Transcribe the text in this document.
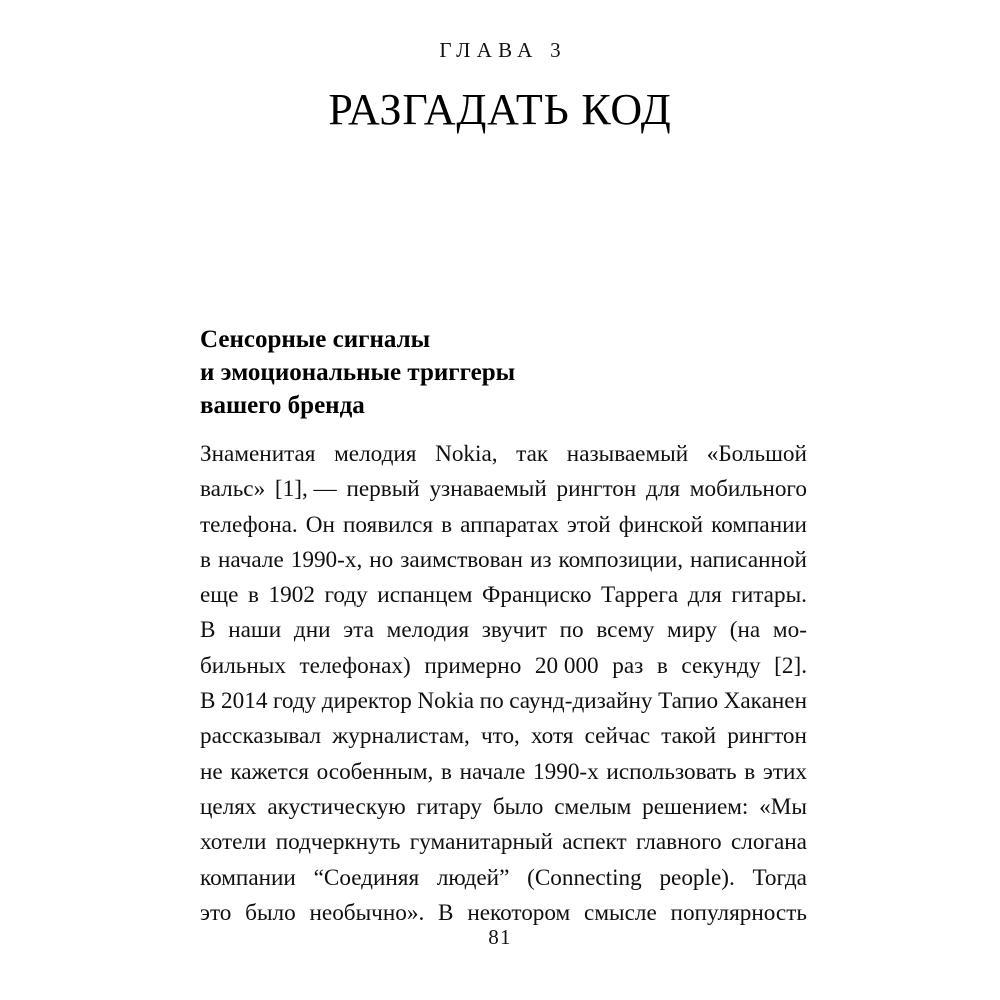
ГЛАВА 3
РАЗГАДАТЬ КОД
Сенсорные сигналы
и эмоциональные триггеры
вашего бренда
Знаменитая мелодия Nokia, так называемый «Большой
вальс» [1], — первый узнаваемый рингтон для мобильного
телефона. Он появился в аппаратах этой финской компании
в начале 1990-х, но заимствован из композиции, написанной
еще в 1902 году испанцем Франциско Таррега для гитары.
В наши дни эта мелодия звучит по всему миру (на мо-
бильных телефонах) примерно 20 000 раз в секунду [2].
В 2014 году директор Nokia по саунд-дизайну Тапио Хаканен
рассказывал журналистам, что, хотя сейчас такой рингтон
не кажется особенным, в начале 1990-х использовать в этих
целях акустическую гитару было смелым решением: «Мы
хотели подчеркнуть гуманитарный аспект главного слогана
компании “Соединяя людей” (Connecting people). Тогда
это было необычно». В некотором смысле популярность
81
